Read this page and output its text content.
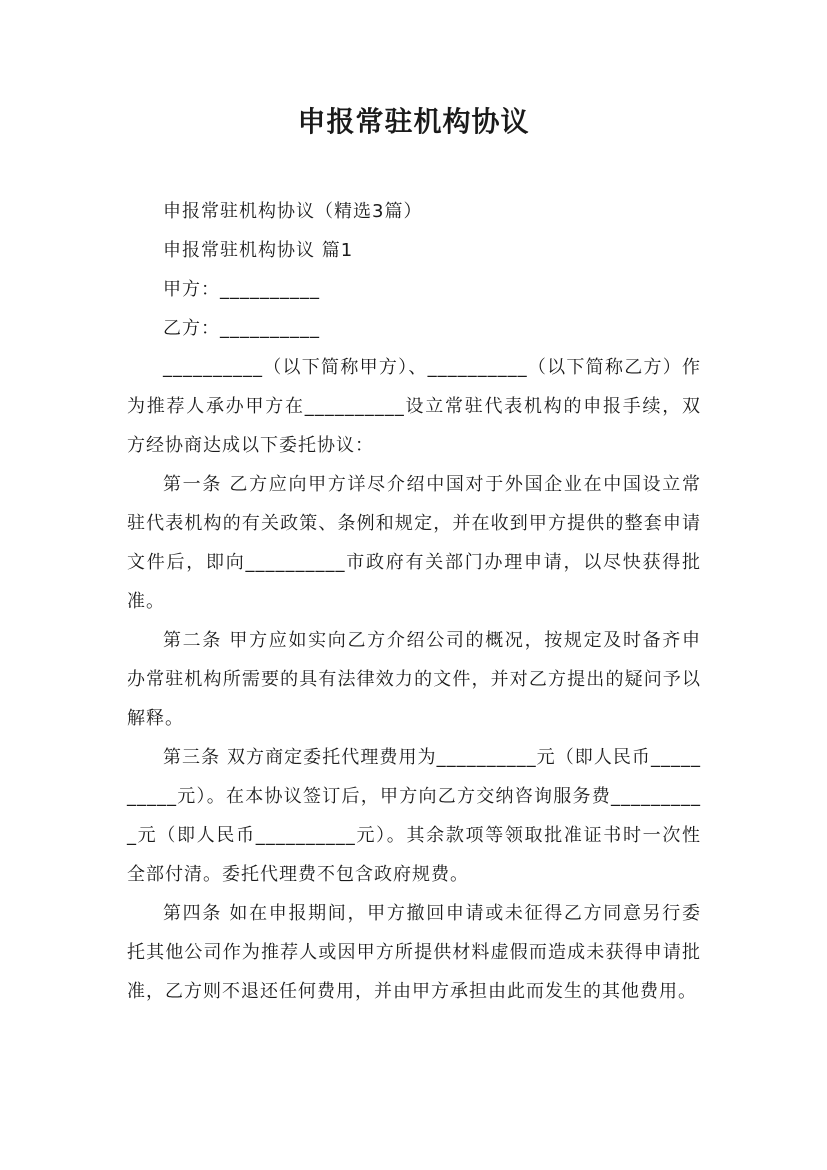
申报常驻机构协议

申报常驻机构协议（精选3篇）

申报常驻机构协议 篇1

甲方：__________

乙方：__________

__________（以下简称甲方）、__________（以下简称乙方）作为推荐人承办甲方在__________设立常驻代表机构的申报手续，双方经协商达成以下委托协议：

第一条 乙方应向甲方详尽介绍中国对于外国企业在中国设立常驻代表机构的有关政策、条例和规定，并在收到甲方提供的整套申请文件后，即向__________市政府有关部门办理申请，以尽快获得批准。

第二条 甲方应如实向乙方介绍公司的概况，按规定及时备齐申办常驻机构所需要的具有法律效力的文件，并对乙方提出的疑问予以解释。

第三条 双方商定委托代理费用为__________元（即人民币__________元）。在本协议签订后，甲方向乙方交纳咨询服务费__________元（即人民币__________元）。其余款项等领取批准证书时一次性全部付清。委托代理费不包含政府规费。

第四条 如在申报期间，甲方撤回申请或未征得乙方同意另行委托其他公司作为推荐人或因甲方所提供材料虚假而造成未获得申请批准，乙方则不退还任何费用，并由甲方承担由此而发生的其他费用。
